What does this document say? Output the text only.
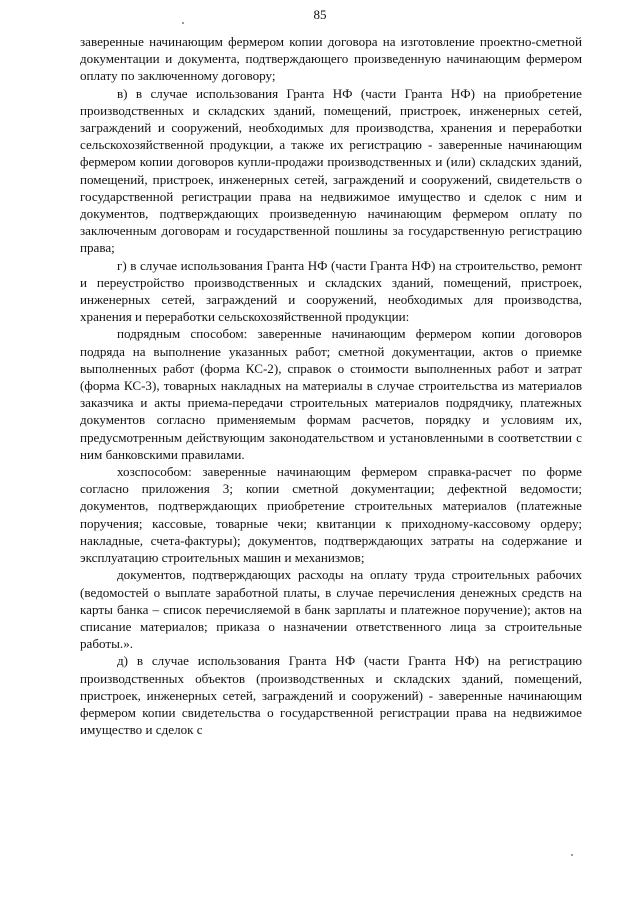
85

заверенные начинающим фермером копии договора на изготовление проектно-сметной документации и документа, подтверждающего произведенную начинающим фермером оплату по заключенному договору;

в) в случае использования Гранта НФ (части Гранта НФ) на приобретение производственных и складских зданий, помещений, пристроек, инженерных сетей, заграждений и сооружений, необходимых для производства, хранения и переработки сельскохозяйственной продукции, а также их регистрацию - заверенные начинающим фермером копии договоров купли-продажи производственных и (или) складских зданий, помещений, пристроек, инженерных сетей, заграждений и сооружений, свидетельств о государственной регистрации права на недвижимое имущество и сделок с ним и документов, подтверждающих произведенную начинающим фермером оплату по заключенным договорам и государственной пошлины за государственную регистрацию права;

г) в случае использования Гранта НФ (части Гранта НФ) на строительство, ремонт и переустройство производственных и складских зданий, помещений, пристроек, инженерных сетей, заграждений и сооружений, необходимых для производства, хранения и переработки сельскохозяйственной продукции:

подрядным способом: заверенные начинающим фермером копии договоров подряда на выполнение указанных работ; сметной документации, актов о приемке выполненных работ (форма КС-2), справок о стоимости выполненных работ и затрат (форма КС-3), товарных накладных на материалы в случае строительства из материалов заказчика и акты приема-передачи строительных материалов подрядчику, платежных документов согласно применяемым формам расчетов, порядку и условиям их, предусмотренным действующим законодательством и установленными в соответствии с ним банковскими правилами.

хозспособом: заверенные начинающим фермером справка-расчет по форме согласно приложения 3; копии сметной документации; дефектной ведомости; документов, подтверждающих приобретение строительных материалов (платежные поручения; кассовые, товарные чеки; квитанции к приходному-кассовому ордеру; накладные, счета-фактуры); документов, подтверждающих затраты на содержание и эксплуатацию строительных машин и механизмов;

документов, подтверждающих расходы на оплату труда строительных рабочих (ведомостей о выплате заработной платы, в случае перечисления денежных средств на карты банка – список перечисляемой в банк зарплаты и платежное поручение); актов на списание материалов; приказа о назначении ответственного лица за строительные работы.».

д) в случае использования Гранта НФ (части Гранта НФ) на регистрацию производственных объектов (производственных и складских зданий, помещений, пристроек, инженерных сетей, заграждений и сооружений) - заверенные начинающим фермером копии свидетельства о государственной регистрации права на недвижимое имущество и сделок с
